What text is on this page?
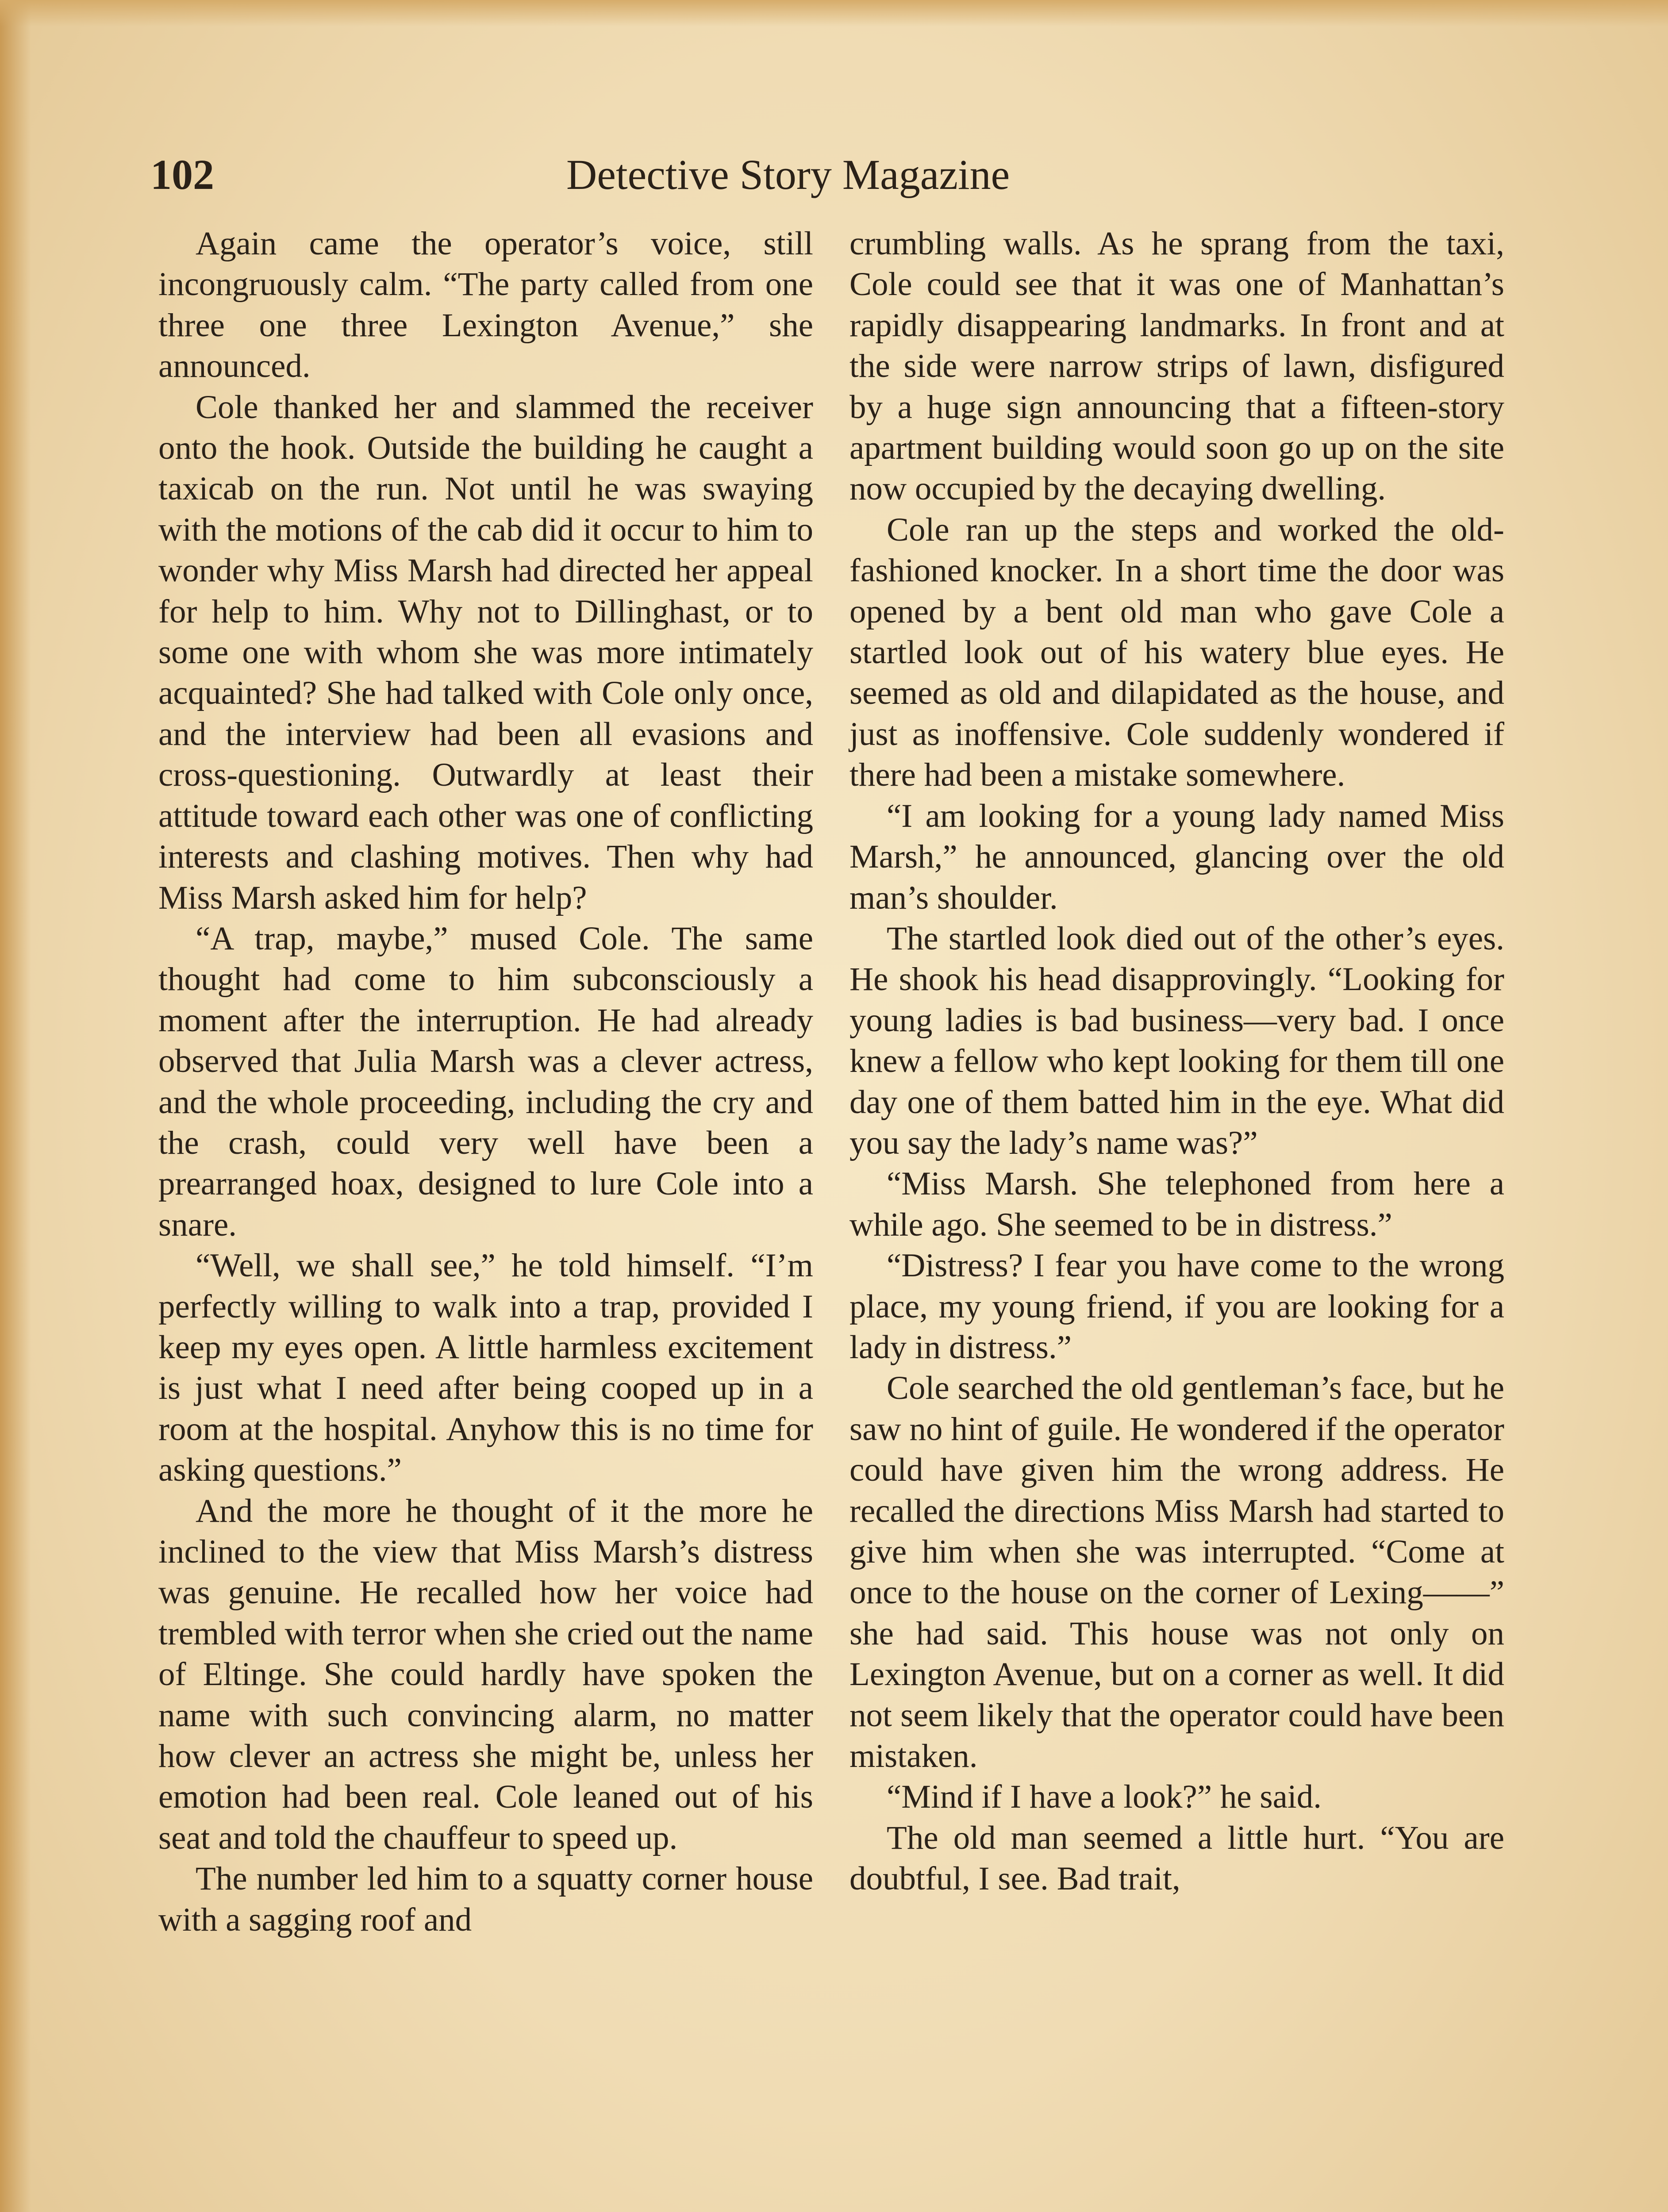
102	Detective Story Magazine

Again came the operator’s voice, still incongruously calm. “The party called from one three one three Lexington Avenue,” she announced.

Cole thanked her and slammed the receiver onto the hook. Outside the building he caught a taxicab on the run. Not until he was swaying with the motions of the cab did it occur to him to wonder why Miss Marsh had directed her appeal for help to him. Why not to Dillinghast, or to some one with whom she was more intimately acquainted? She had talked with Cole only once, and the interview had been all evasions and cross-questioning. Outwardly at least their attitude toward each other was one of conflicting interests and clashing motives. Then why had Miss Marsh asked him for help?

“A trap, maybe,” mused Cole. The same thought had come to him subconsciously a moment after the interruption. He had already observed that Julia Marsh was a clever actress, and the whole proceeding, including the cry and the crash, could very well have been a prearranged hoax, designed to lure Cole into a snare.

“Well, we shall see,” he told himself. “I’m perfectly willing to walk into a trap, provided I keep my eyes open. A little harmless excitement is just what I need after being cooped up in a room at the hospital. Anyhow this is no time for asking questions.”

And the more he thought of it the more he inclined to the view that Miss Marsh’s distress was genuine. He recalled how her voice had trembled with terror when she cried out the name of Eltinge. She could hardly have spoken the name with such convincing alarm, no matter how clever an actress she might be, unless her emotion had been real. Cole leaned out of his seat and told the chauffeur to speed up.

The number led him to a squatty corner house with a sagging roof and

crumbling walls. As he sprang from the taxi, Cole could see that it was one of Manhattan’s rapidly disappearing landmarks. In front and at the side were narrow strips of lawn, disfigured by a huge sign announcing that a fifteen-story apartment building would soon go up on the site now occupied by the decaying dwelling.

Cole ran up the steps and worked the old-fashioned knocker. In a short time the door was opened by a bent old man who gave Cole a startled look out of his watery blue eyes. He seemed as old and dilapidated as the house, and just as inoffensive. Cole suddenly wondered if there had been a mistake somewhere.

“I am looking for a young lady named Miss Marsh,” he announced, glancing over the old man’s shoulder.

The startled look died out of the other’s eyes. He shook his head disapprovingly. “Looking for young ladies is bad business—very bad. I once knew a fellow who kept looking for them till one day one of them batted him in the eye. What did you say the lady’s name was?”

“Miss Marsh. She telephoned from here a while ago. She seemed to be in distress.”

“Distress? I fear you have come to the wrong place, my young friend, if you are looking for a lady in distress.”

Cole searched the old gentleman’s face, but he saw no hint of guile. He wondered if the operator could have given him the wrong address. He recalled the directions Miss Marsh had started to give him when she was interrupted. “Come at once to the house on the corner of Lexing——” she had said. This house was not only on Lexington Avenue, but on a corner as well. It did not seem likely that the operator could have been mistaken.

“Mind if I have a look?” he said.

The old man seemed a little hurt. “You are doubtful, I see. Bad trait,
